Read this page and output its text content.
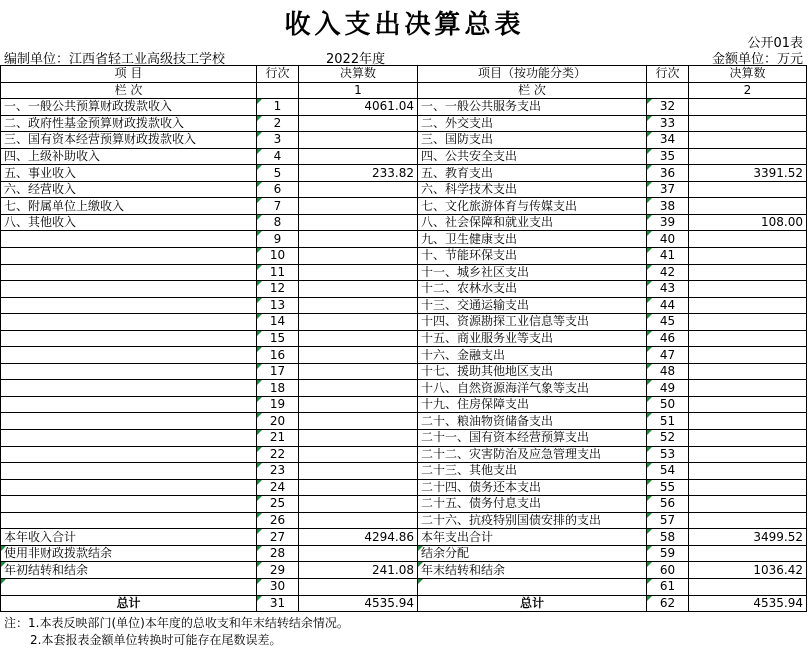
收入支出决算总表
公开01表
编制单位：江西省轻工业高级技工学校	2022年度	金额单位：万元
项 目	行次	决算数	项目（按功能分类）	行次	决算数
栏 次		1	栏 次		2
一、一般公共预算财政拨款收入	1	4061.04	一、一般公共服务支出	32	
二、政府性基金预算财政拨款收入	2		二、外交支出	33	
三、国有资本经营预算财政拨款收入	3		三、国防支出	34	
四、上级补助收入	4		四、公共安全支出	35	
五、事业收入	5	233.82	五、教育支出	36	3391.52
六、经营收入	6		六、科学技术支出	37	
七、附属单位上缴收入	7		七、文化旅游体育与传媒支出	38	
八、其他收入	8		八、社会保障和就业支出	39	108.00
	9		九、卫生健康支出	40	
	10		十、节能环保支出	41	
	11		十一、城乡社区支出	42	
	12		十二、农林水支出	43	
	13		十三、交通运输支出	44	
	14		十四、资源勘探工业信息等支出	45	
	15		十五、商业服务业等支出	46	
	16		十六、金融支出	47	
	17		十七、援助其他地区支出	48	
	18		十八、自然资源海洋气象等支出	49	
	19		十九、住房保障支出	50	
	20		二十、粮油物资储备支出	51	
	21		二十一、国有资本经营预算支出	52	
	22		二十二、灾害防治及应急管理支出	53	
	23		二十三、其他支出	54	
	24		二十四、债务还本支出	55	
	25		二十五、债务付息支出	56	
	26		二十六、抗疫特别国债安排的支出	57	
本年收入合计	27	4294.86	本年支出合计	58	3499.52
使用非财政拨款结余	28		结余分配	59	
年初结转和结余	29	241.08	年末结转和结余	60	1036.42
	30			61	
总计	31	4535.94	总计	62	4535.94
注：1.本表反映部门(单位)本年度的总收支和年末结转结余情况。
2.本套报表金额单位转换时可能存在尾数误差。
